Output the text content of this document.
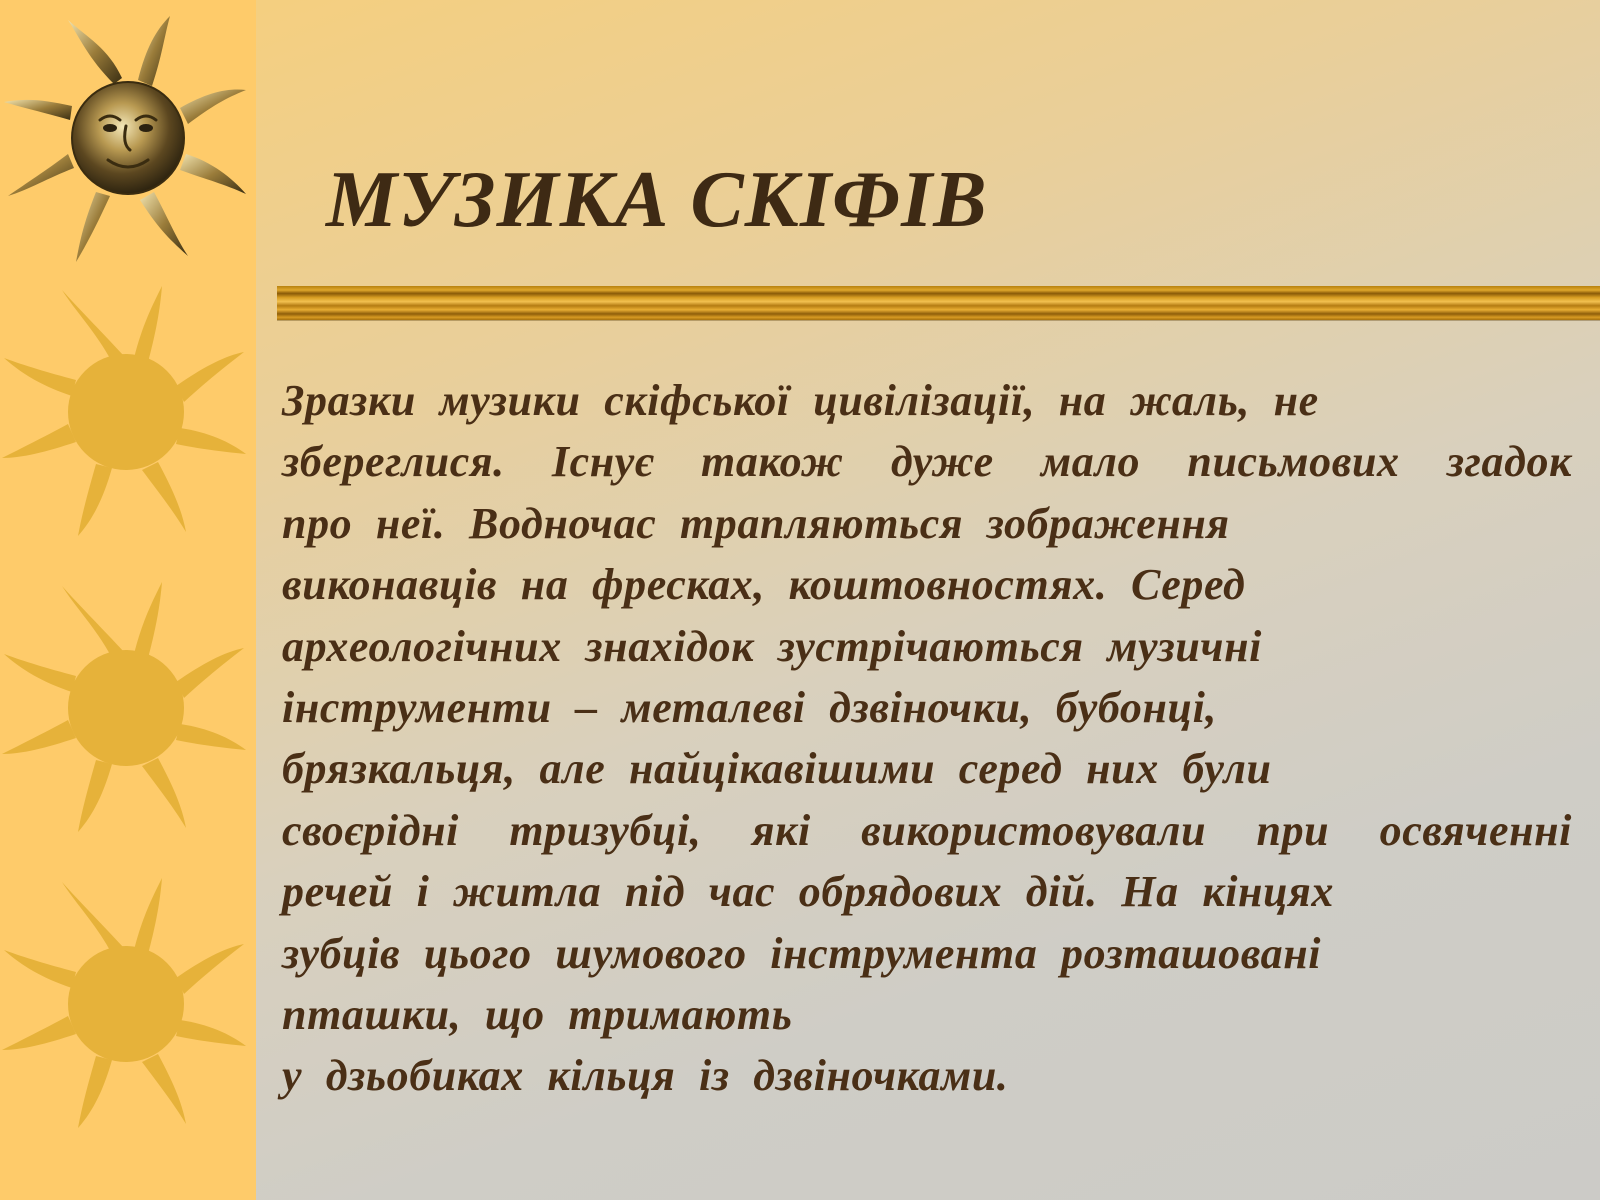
МУЗИКА СКІФІВ
Зразки музики скіфської цивілізації, на жаль, не
збереглися. Існує також дуже мало письмових згадок
про неї. Водночас трапляються зображення
виконавців на фресках, коштовностях. Серед
археологічних знахідок зустрічаються музичні
інструменти – металеві дзвіночки, бубонці,
брязкальця, але найцікавішими серед них були
своєрідні тризубці, які використовували при освяченні
речей і житла під час обрядових дій. На кінцях
зубців цього шумового інструмента розташовані
пташки, що тримають
у дзьобиках кільця із дзвіночками.
